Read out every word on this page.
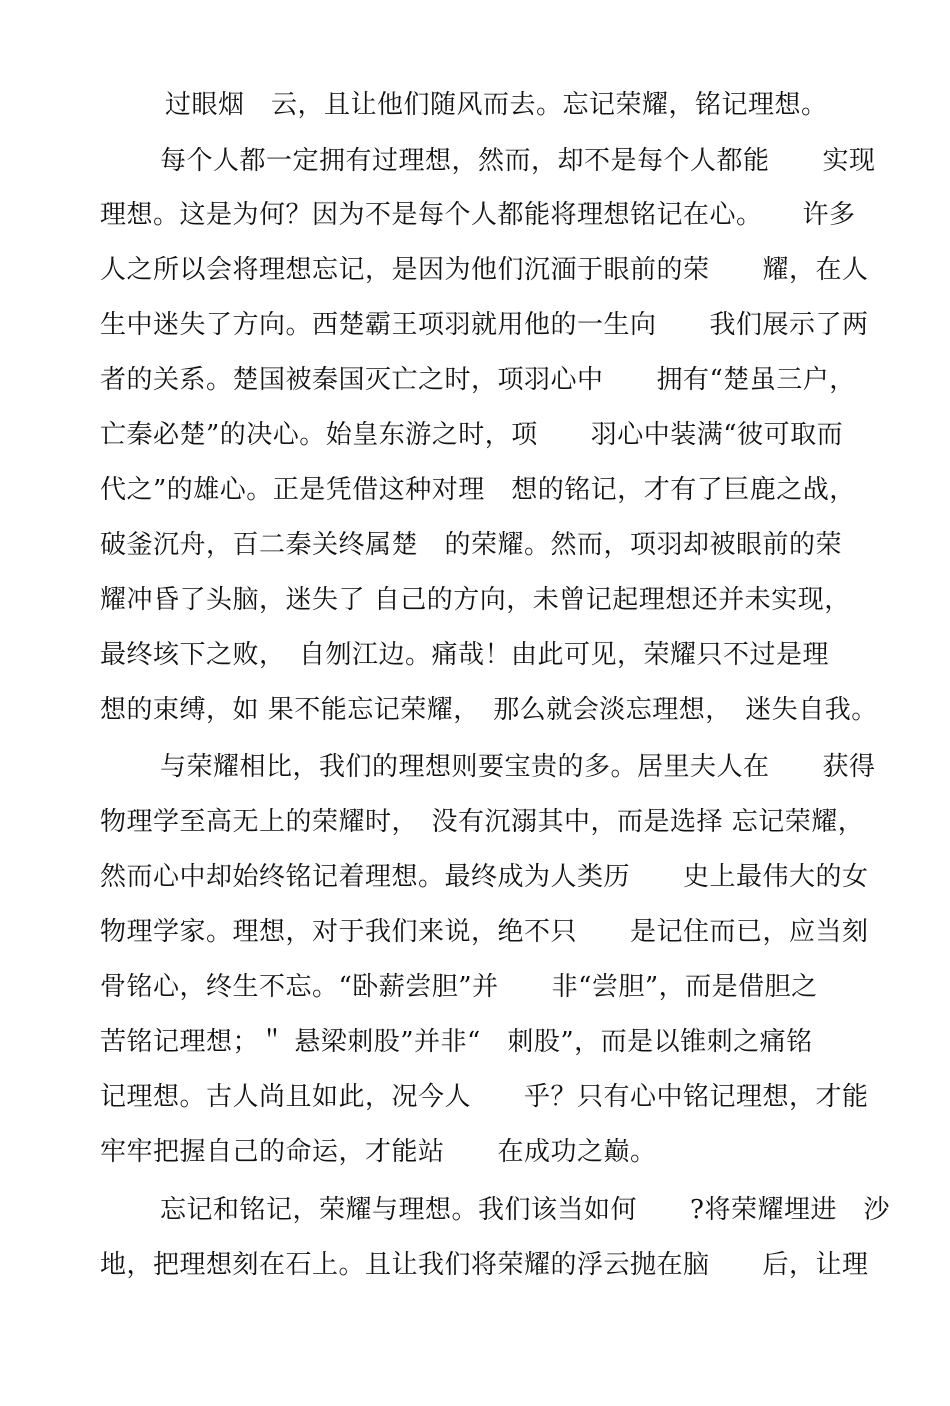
过眼烟　云，且让他们随风而去。忘记荣耀，铭记理想。
每个人都一定拥有过理想，然而，却不是每个人都能　　实现
理想。这是为何？因为不是每个人都能将理想铭记在心。　　许多
人之所以会将理想忘记，是因为他们沉湎于眼前的荣　　耀，在人
生中迷失了方向。西楚霸王项羽就用他的一生向　　我们展示了两
者的关系。楚国被秦国灭亡之时，项羽心中　　拥有“楚虽三户，
亡秦必楚”的决心。始皇东游之时，项　　羽心中装满“彼可取而
代之”的雄心。正是凭借这种对理　想的铭记，才有了巨鹿之战，
破釜沉舟，百二秦关终属楚　的荣耀。然而，项羽却被眼前的荣
耀冲昏了头脑，迷失了 自己的方向，未曾记起理想还并未实现，
最终垓下之败，　自刎江边。痛哉！由此可见，荣耀只不过是理
想的束缚，如 果不能忘记荣耀，　那么就会淡忘理想，　迷失自我。
与荣耀相比，我们的理想则要宝贵的多。居里夫人在　　获得
物理学至高无上的荣耀时，　没有沉溺其中，而是选择 忘记荣耀，
然而心中却始终铭记着理想。最终成为人类历　　史上最伟大的女
物理学家。理想，对于我们来说，绝不只　　是记住而已，应当刻
骨铭心，终生不忘。“卧薪尝胆”并　　非“尝胆”，而是借胆之
苦铭记理想；＂ 悬梁刺股”并非“　刺股”，而是以锥刺之痛铭
记理想。古人尚且如此，况今人　　乎？只有心中铭记理想，才能
牢牢把握自己的命运，才能站　　在成功之巅。
忘记和铭记，荣耀与理想。我们该当如何　　?将荣耀埋进　沙
地，把理想刻在石上。且让我们将荣耀的浮云抛在脑　　后，让理
